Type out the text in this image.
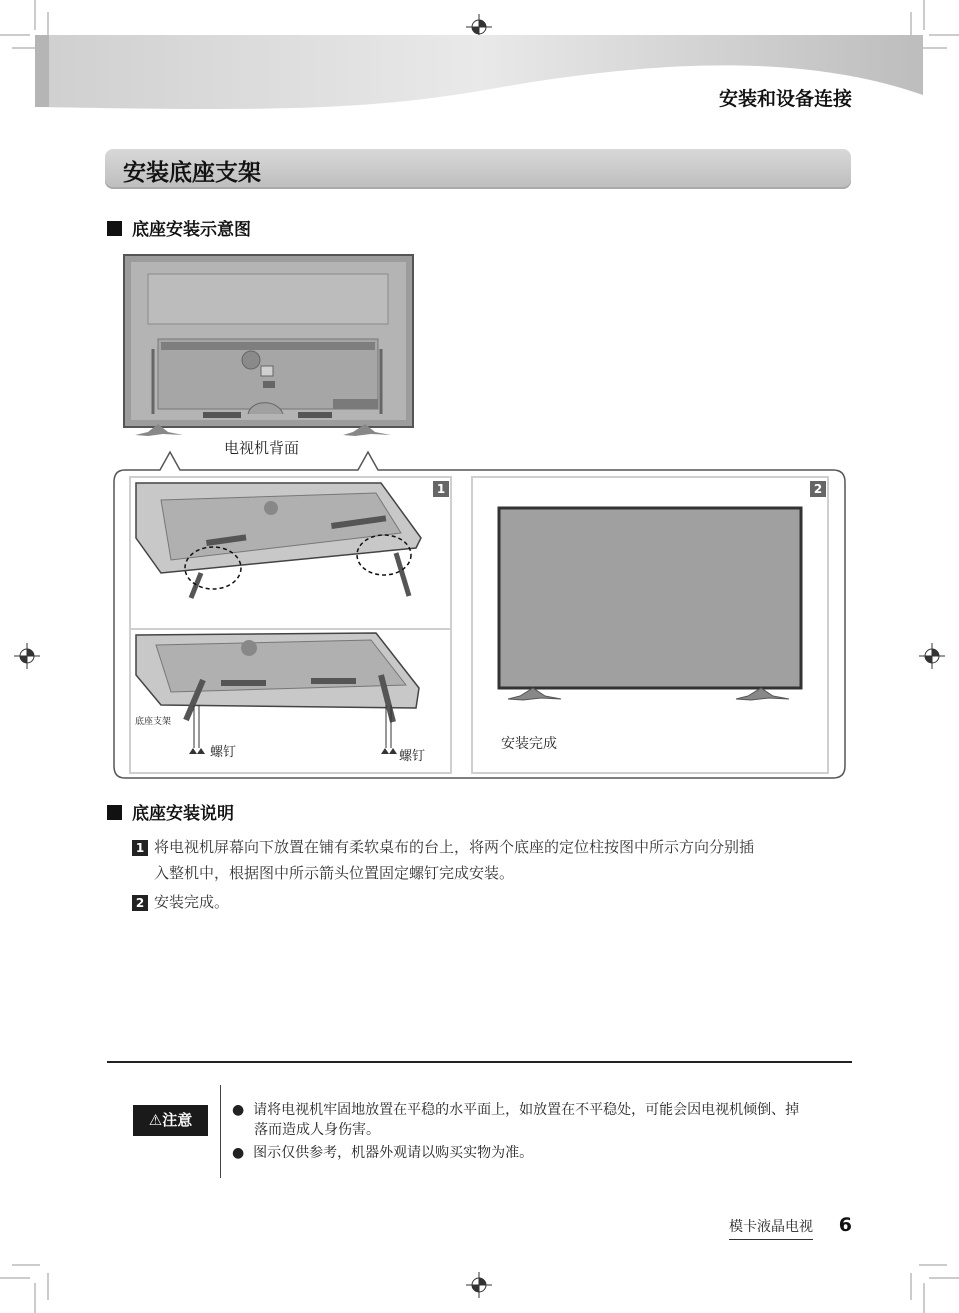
安装和设备连接
安装底座支架
底座安装示意图
1
底座支架
螺钉	螺钉
2
安装完成
电视机背面
底座安装说明
1 将电视机屏幕向下放置在铺有柔软桌布的台上，将两个底座的定位柱按图中所示方向分别插
入整机中，根据图中所示箭头位置固定螺钉完成安装。
2 安装完成。
⚠注意
●  请将电视机牢固地放置在平稳的水平面上，如放置在不平稳处，可能会因电视机倾倒、掉
落而造成人身伤害。
●  图示仅供参考，机器外观请以购买实物为准。
模卡液晶电视 6
